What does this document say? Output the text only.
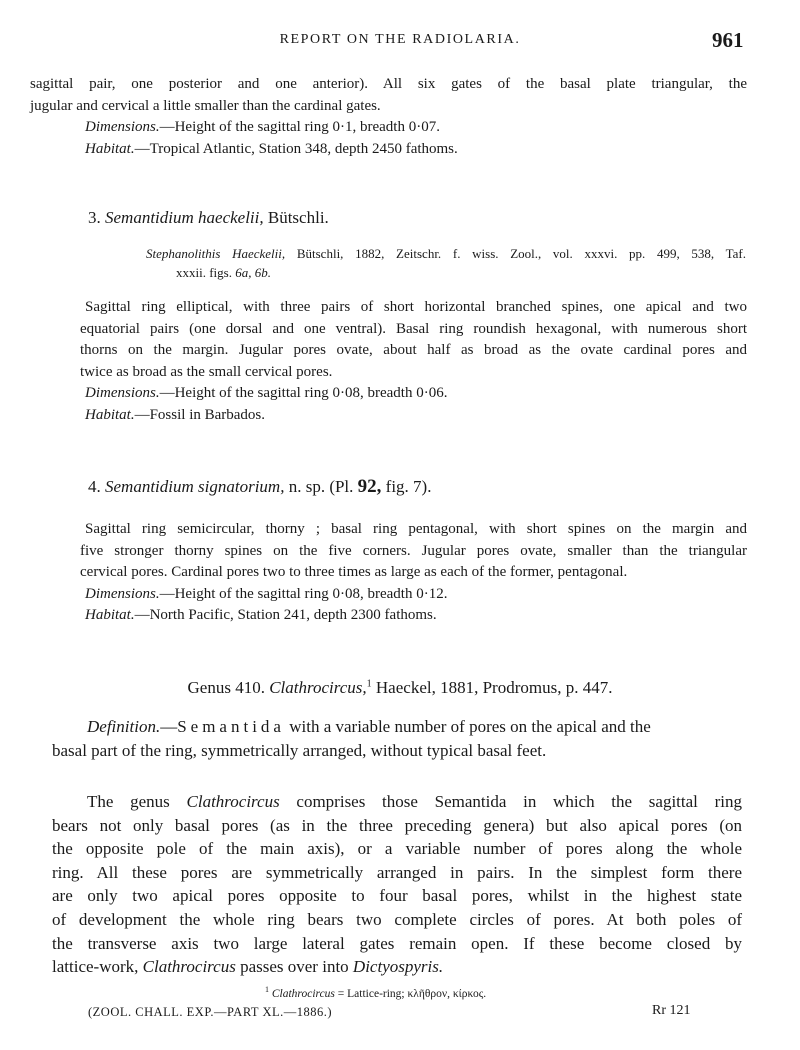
REPORT ON THE RADIOLARIA.	961
sagittal pair, one posterior and one anterior). All six gates of the basal plate triangular, the
jugular and cervical a little smaller than the cardinal gates.
Dimensions.—Height of the sagittal ring 0·1, breadth 0·07.
Habitat.—Tropical Atlantic, Station 348, depth 2450 fathoms.
3. Semantidium haeckelii, Bütschli.
Stephanolithis Haeckelii, Bütschli, 1882, Zeitschr. f. wiss. Zool., vol. xxxvi. pp. 499, 538, Taf.
xxxii. figs. 6a, 6b.
Sagittal ring elliptical, with three pairs of short horizontal branched spines, one apical and two
equatorial pairs (one dorsal and one ventral). Basal ring roundish hexagonal, with numerous short
thorns on the margin. Jugular pores ovate, about half as broad as the ovate cardinal pores and
twice as broad as the small cervical pores.
Dimensions.—Height of the sagittal ring 0·08, breadth 0·06.
Habitat.—Fossil in Barbados.
4. Semantidium signatorium, n. sp. (Pl. 92, fig. 7).
Sagittal ring semicircular, thorny ; basal ring pentagonal, with short spines on the margin and
five stronger thorny spines on the five corners. Jugular pores ovate, smaller than the triangular
cervical pores. Cardinal pores two to three times as large as each of the former, pentagonal.
Dimensions.—Height of the sagittal ring 0·08, breadth 0·12.
Habitat.—North Pacific, Station 241, depth 2300 fathoms.
Genus 410. Clathrocircus,$^1$ Haeckel, 1881, Prodromus, p. 447.
Definition.—Semantida with a variable number of pores on the apical and the
basal part of the ring, symmetrically arranged, without typical basal feet.
The genus Clathrocircus comprises those Semantida in which the sagittal ring
bears not only basal pores (as in the three preceding genera) but also apical pores (on
the opposite pole of the main axis), or a variable number of pores along the whole
ring. All these pores are symmetrically arranged in pairs. In the simplest form there
are only two apical pores opposite to four basal pores, whilst in the highest state
of development the whole ring bears two complete circles of pores. At both poles of
the transverse axis two large lateral gates remain open. If these become closed by
lattice-work, Clathrocircus passes over into Dictyospyris.
$^1$ Clathrocircus = Lattice-ring; κλῆθρον, κίρκος.
(ZOOL. CHALL. EXP.—PART XL.—1886.)	Rr 121
